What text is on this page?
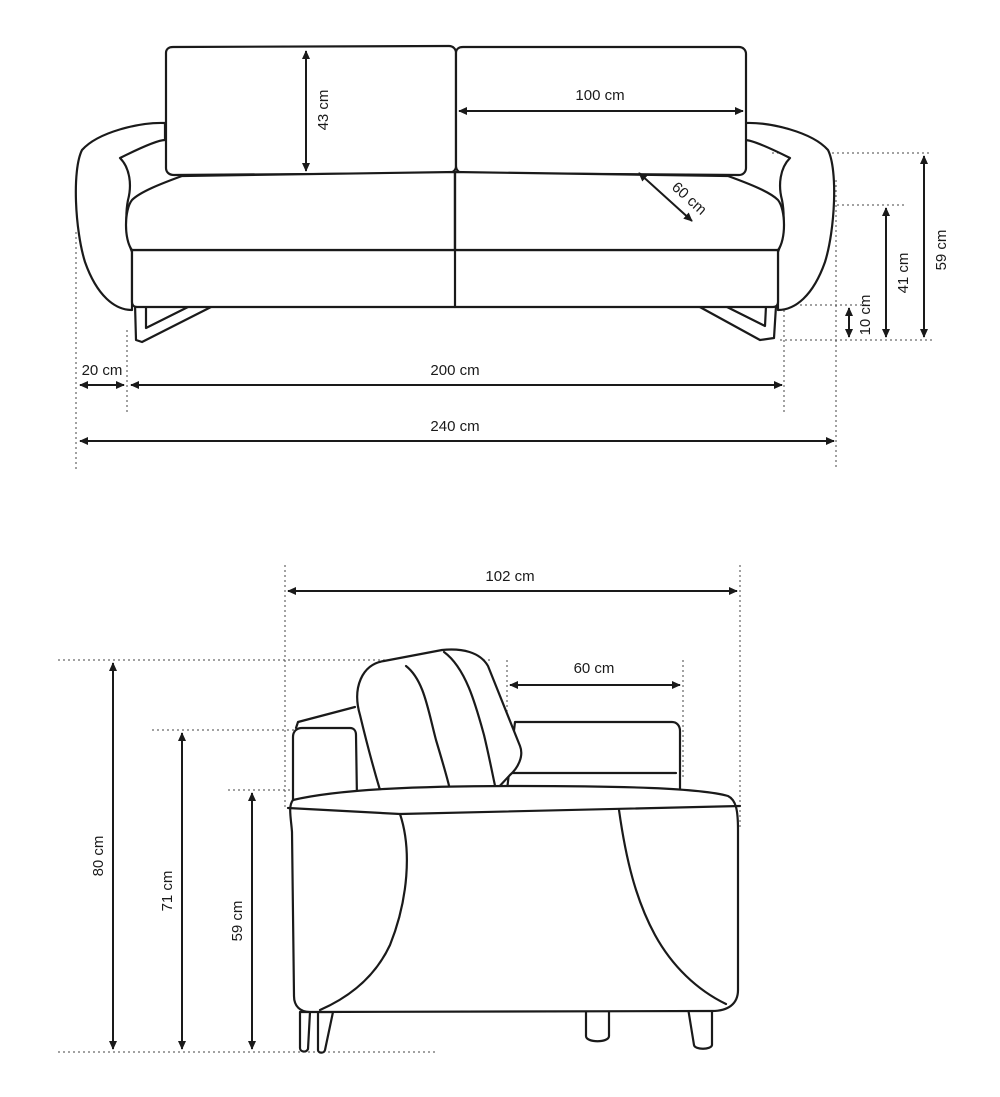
43 cm	100 cm
60 cm
20 cm	200 cm
240 cm
10 cm
41 cm
59 cm
102 cm
60 cm
80 cm
71 cm
59 cm
